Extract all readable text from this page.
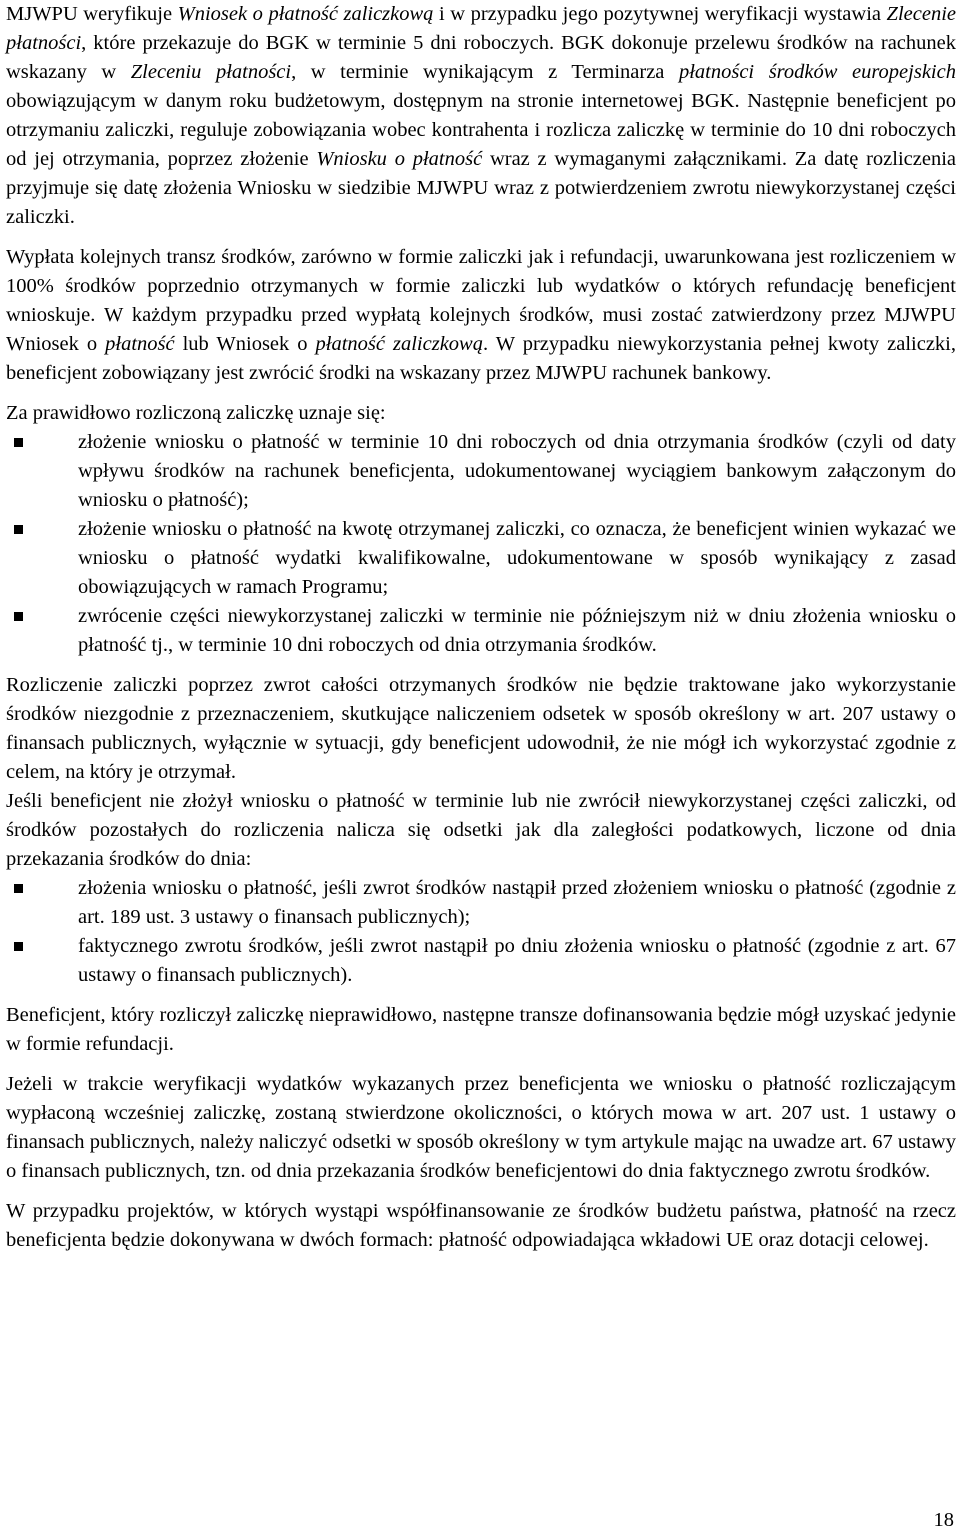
MJWPU weryfikuje Wniosek o płatność zaliczkową i w przypadku jego pozytywnej weryfikacji wystawia Zlecenie płatności, które przekazuje do BGK w terminie 5 dni roboczych. BGK dokonuje przelewu środków na rachunek wskazany w Zleceniu płatności, w terminie wynikającym z Terminarza płatności środków europejskich obowiązującym w danym roku budżetowym, dostępnym na stronie internetowej BGK. Następnie beneficjent po otrzymaniu zaliczki, reguluje zobowiązania wobec kontrahenta i rozlicza zaliczkę w terminie do 10 dni roboczych od jej otrzymania, poprzez złożenie Wniosku o płatność wraz z wymaganymi załącznikami. Za datę rozliczenia przyjmuje się datę złożenia Wniosku w siedzibie MJWPU wraz z potwierdzeniem zwrotu niewykorzystanej części zaliczki.

Wypłata kolejnych transz środków, zarówno w formie zaliczki jak i refundacji, uwarunkowana jest rozliczeniem w 100% środków poprzednio otrzymanych w formie zaliczki lub wydatków o których refundację beneficjent wnioskuje. W każdym przypadku przed wypłatą kolejnych środków, musi zostać zatwierdzony przez MJWPU Wniosek o płatność lub Wniosek o płatność zaliczkową. W przypadku niewykorzystania pełnej kwoty zaliczki, beneficjent zobowiązany jest zwrócić środki na wskazany przez MJWPU rachunek bankowy.

Za prawidłowo rozliczoną zaliczkę uznaje się:

złożenie wniosku o płatność w terminie 10 dni roboczych od dnia otrzymania środków (czyli od daty wpływu środków na rachunek beneficjenta, udokumentowanej wyciągiem bankowym załączonym do wniosku o płatność);
złożenie wniosku o płatność na kwotę otrzymanej zaliczki, co oznacza, że beneficjent winien wykazać we wniosku o płatność wydatki kwalifikowalne, udokumentowane w sposób wynikający z zasad obowiązujących w ramach Programu;
zwrócenie części niewykorzystanej zaliczki w terminie nie późniejszym niż w dniu złożenia wniosku o płatność tj., w terminie 10 dni roboczych od dnia otrzymania środków.

Rozliczenie zaliczki poprzez zwrot całości otrzymanych środków nie będzie traktowane jako wykorzystanie środków niezgodnie z przeznaczeniem, skutkujące naliczeniem odsetek w sposób określony w art. 207 ustawy o finansach publicznych, wyłącznie w sytuacji, gdy beneficjent udowodnił, że nie mógł ich wykorzystać zgodnie z celem, na który je otrzymał.

Jeśli beneficjent nie złożył wniosku o płatność w terminie lub nie zwrócił niewykorzystanej części zaliczki, od środków pozostałych do rozliczenia nalicza się odsetki jak dla zaległości podatkowych, liczone od dnia przekazania środków do dnia:

złożenia wniosku o płatność, jeśli zwrot środków nastąpił przed złożeniem wniosku o płatność (zgodnie z art. 189 ust. 3 ustawy o finansach publicznych);
faktycznego zwrotu środków, jeśli zwrot nastąpił po dniu złożenia wniosku o płatność (zgodnie z art. 67 ustawy o finansach publicznych).

Beneficjent, który rozliczył zaliczkę nieprawidłowo, następne transze dofinansowania będzie mógł uzyskać jedynie w formie refundacji.

Jeżeli w trakcie weryfikacji wydatków wykazanych przez beneficjenta we wniosku o płatność rozliczającym wypłaconą wcześniej zaliczkę, zostaną stwierdzone okoliczności, o których mowa w art. 207 ust. 1 ustawy o finansach publicznych, należy naliczyć odsetki w sposób określony w tym artykule mając na uwadze art. 67 ustawy o finansach publicznych, tzn. od dnia przekazania środków beneficjentowi do dnia faktycznego zwrotu środków.

W przypadku projektów, w których wystąpi współfinansowanie ze środków budżetu państwa, płatność na rzecz beneficjenta będzie dokonywana w dwóch formach: płatność odpowiadająca wkładowi UE oraz dotacji celowej.

18
